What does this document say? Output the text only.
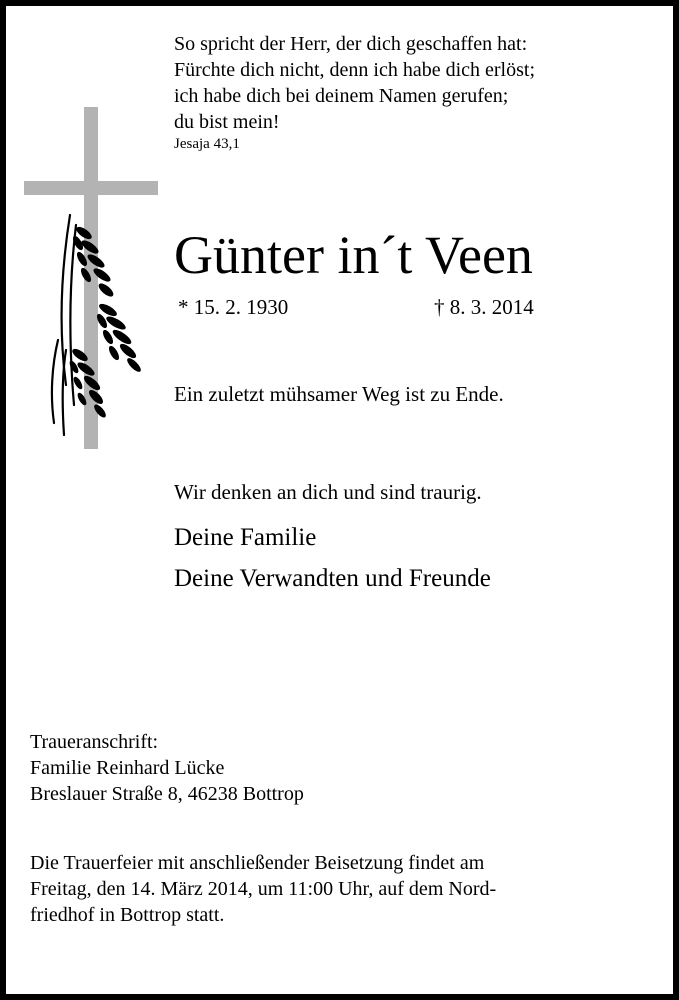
So spricht der Herr, der dich geschaffen hat:
Fürchte dich nicht, denn ich habe dich erlöst;
ich habe dich bei deinem Namen gerufen;
du bist mein!
Jesaja 43,1
Günter in´t Veen
* 15. 2. 1930	† 8. 3. 2014
Ein zuletzt mühsamer Weg ist zu Ende.
Wir denken an dich und sind traurig.
Deine Familie
Deine Verwandten und Freunde
Traueranschrift:
Familie Reinhard Lücke
Breslauer Straße 8, 46238 Bottrop
Die Trauerfeier mit anschließender Beisetzung findet am
Freitag, den 14. März 2014, um 11:00 Uhr, auf dem Nord-
friedhof in Bottrop statt.
